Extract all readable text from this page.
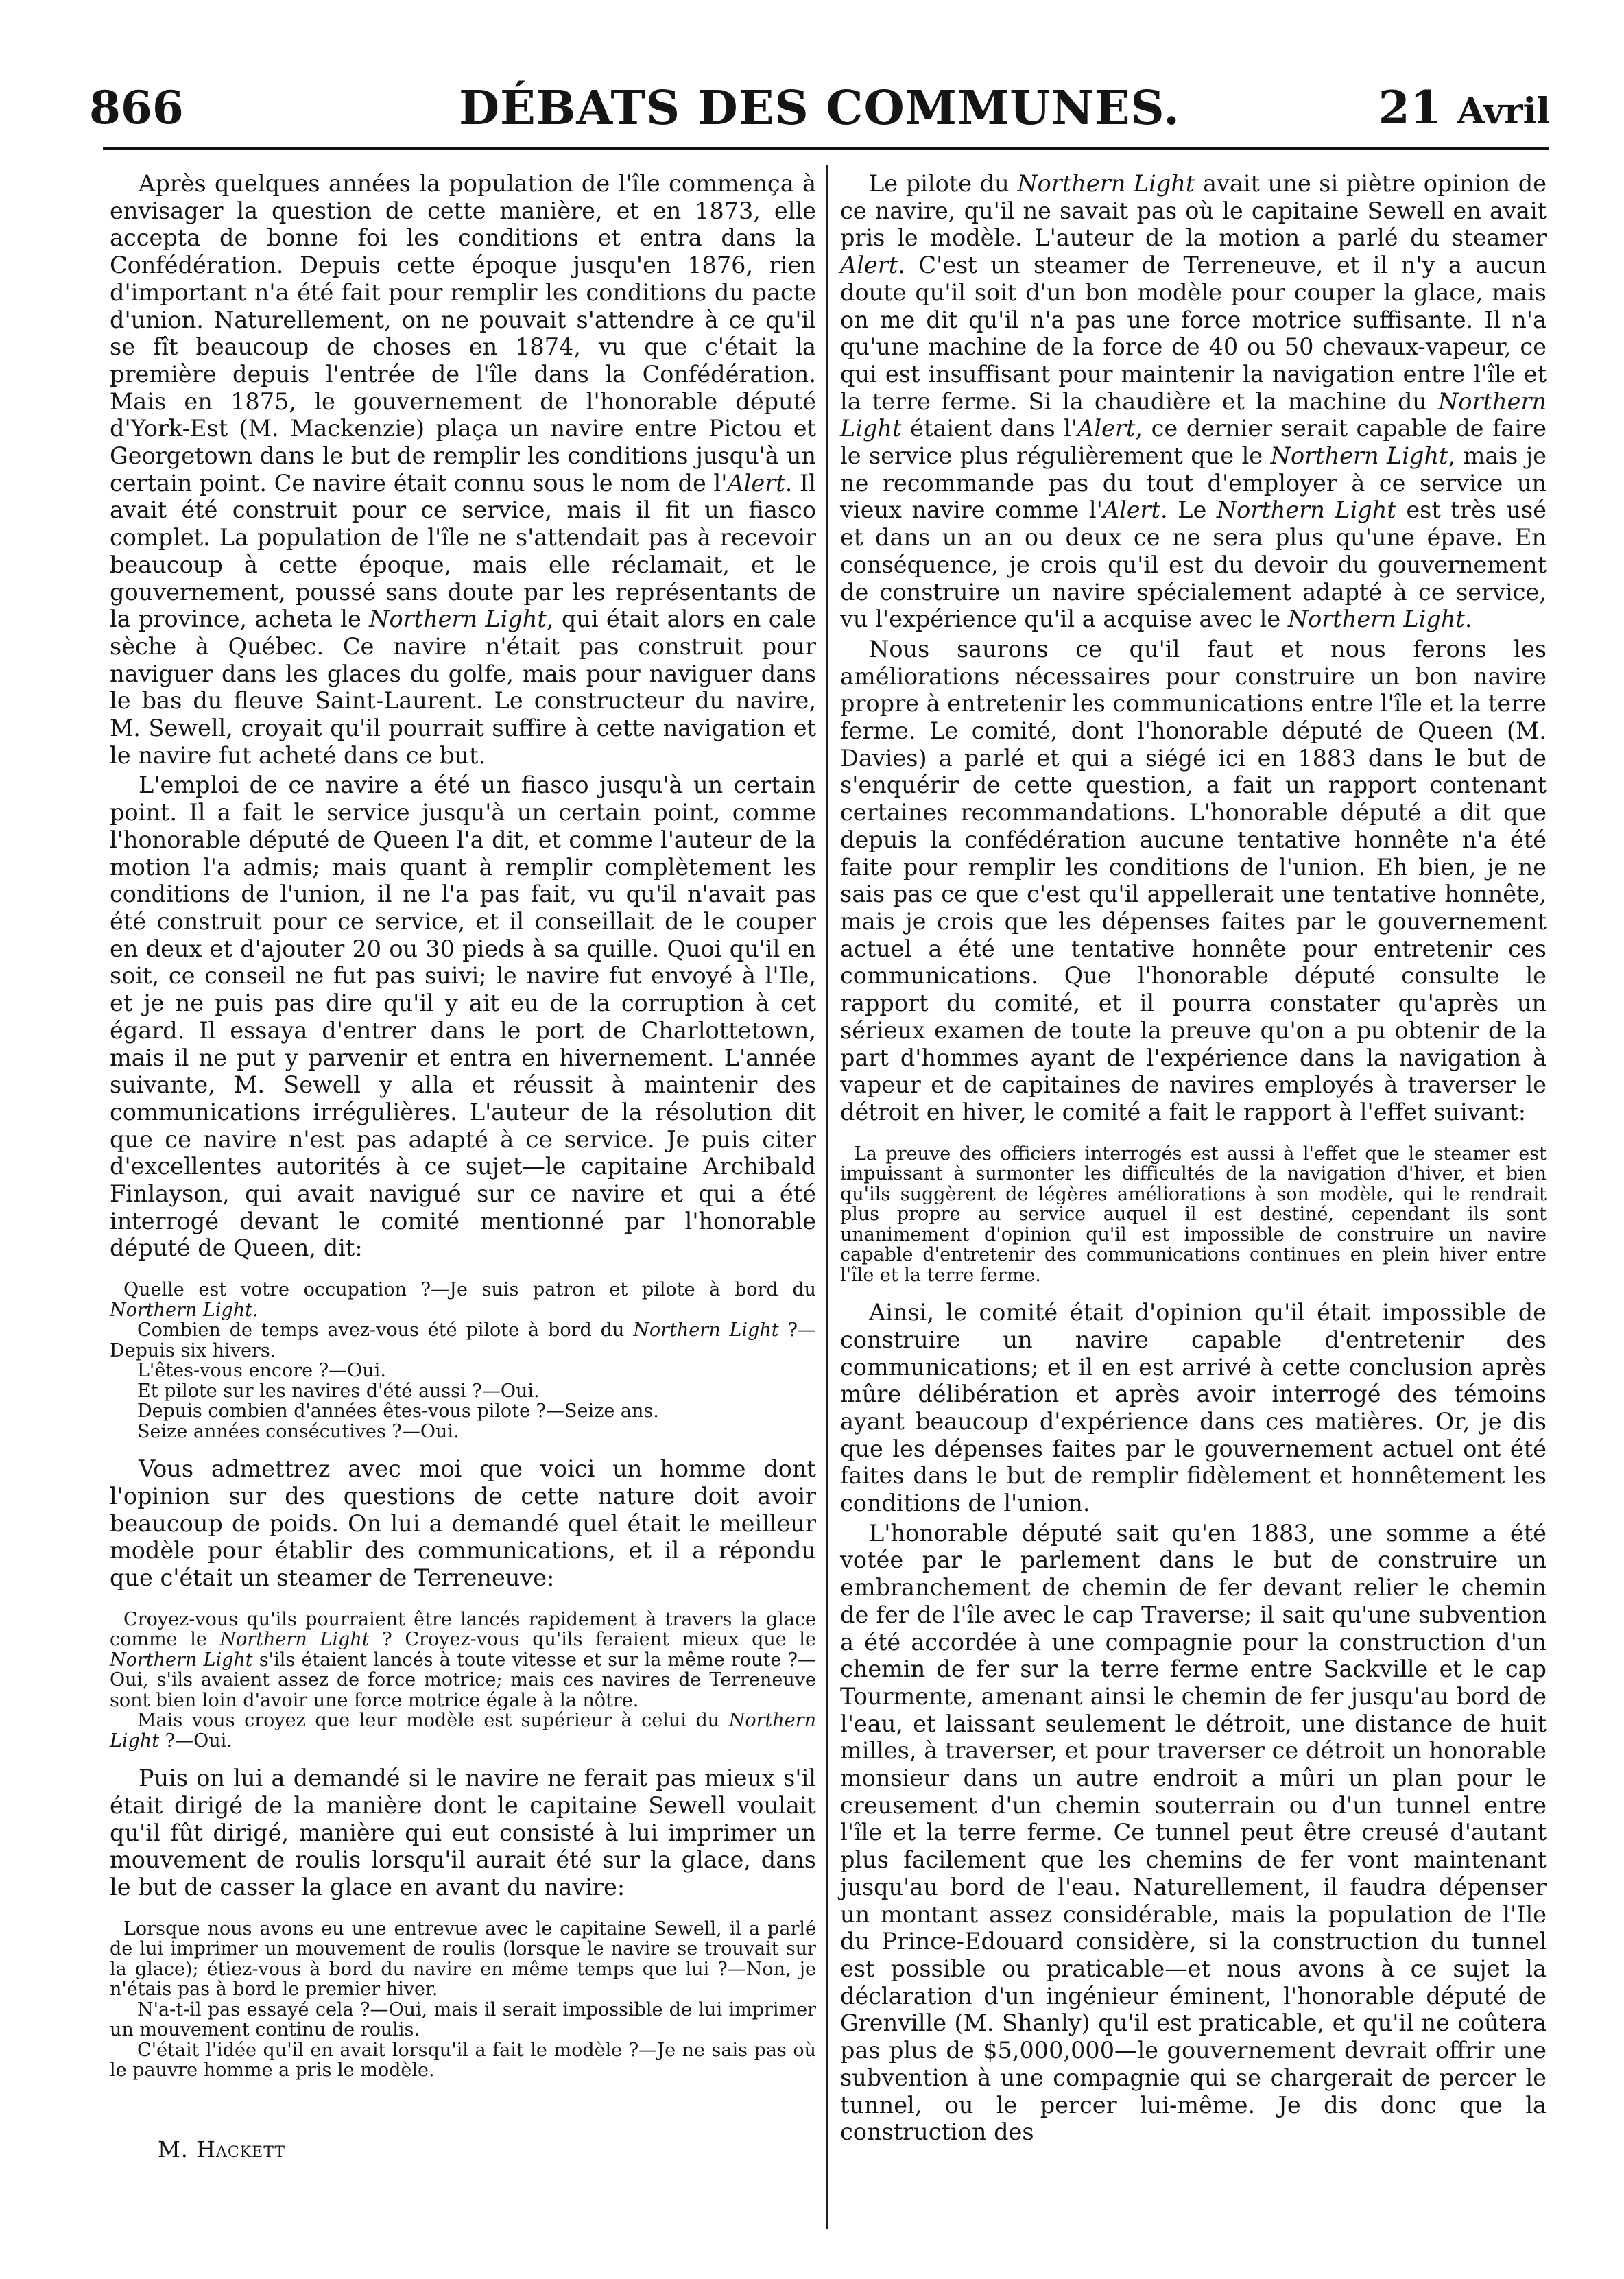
DÉBATS DES COMMUNES.
866	21 Avril

Après quelques années la population de l'île commença à envisager la question de cette manière, et en 1873, elle accepta de bonne foi les conditions et entra dans la Confédération. Depuis cette époque jusqu'en 1876, rien d'important n'a été fait pour remplir les conditions du pacte d'union. Naturellement, on ne pouvait s'attendre à ce qu'il se fît beaucoup de choses en 1874, vu que c'était la première depuis l'entrée de l'île dans la Confédération. Mais en 1875, le gouvernement de l'honorable député d'York-Est (M. Mackenzie) plaça un navire entre Pictou et Georgetown dans le but de remplir les conditions jusqu'à un certain point. Ce navire était connu sous le nom de l'Alert. Il avait été construit pour ce service, mais il fit un fiasco complet. La population de l'île ne s'attendait pas à recevoir beaucoup à cette époque, mais elle réclamait, et le gouvernement, poussé sans doute par les représentants de la province, acheta le Northern Light, qui était alors en cale sèche à Québec. Ce navire n'était pas construit pour naviguer dans les glaces du golfe, mais pour naviguer dans le bas du fleuve Saint-Laurent. Le constructeur du navire, M. Sewell, croyait qu'il pourrait suffire à cette navigation et le navire fut acheté dans ce but.

L'emploi de ce navire a été un fiasco jusqu'à un certain point. Il a fait le service jusqu'à un certain point, comme l'honorable député de Queen l'a dit, et comme l'auteur de la motion l'a admis; mais quant à remplir complètement les conditions de l'union, il ne l'a pas fait, vu qu'il n'avait pas été construit pour ce service, et il conseillait de le couper en deux et d'ajouter 20 ou 30 pieds à sa quille. Quoi qu'il en soit, ce conseil ne fut pas suivi; le navire fut envoyé à l'Ile, et je ne puis pas dire qu'il y ait eu de la corruption à cet égard. Il essaya d'entrer dans le port de Charlottetown, mais il ne put y parvenir et entra en hivernement. L'année suivante, M. Sewell y alla et réussit à maintenir des communications irrégulières. L'auteur de la résolution dit que ce navire n'est pas adapté à ce service. Je puis citer d'excellentes autorités à ce sujet—le capitaine Archibald Finlayson, qui avait navigué sur ce navire et qui a été interrogé devant le comité mentionné par l'honorable député de Queen, dit:

Quelle est votre occupation ?—Je suis patron et pilote à bord du Northern Light.

Combien de temps avez-vous été pilote à bord du Northern Light ?—Depuis six hivers.

L'êtes-vous encore ?—Oui.

Et pilote sur les navires d'été aussi ?—Oui.

Depuis combien d'années êtes-vous pilote ?—Seize ans.

Seize années consécutives ?—Oui.

Vous admettrez avec moi que voici un homme dont l'opinion sur des questions de cette nature doit avoir beaucoup de poids. On lui a demandé quel était le meilleur modèle pour établir des communications, et il a répondu que c'était un steamer de Terreneuve:

Croyez-vous qu'ils pourraient être lancés rapidement à travers la glace comme le Northern Light ? Croyez-vous qu'ils feraient mieux que le Northern Light s'ils étaient lancés à toute vitesse et sur la même route ?—Oui, s'ils avaient assez de force motrice; mais ces navires de Terreneuve sont bien loin d'avoir une force motrice égale à la nôtre.

Mais vous croyez que leur modèle est supérieur à celui du Northern Light ?—Oui.

Puis on lui a demandé si le navire ne ferait pas mieux s'il était dirigé de la manière dont le capitaine Sewell voulait qu'il fût dirigé, manière qui eut consisté à lui imprimer un mouvement de roulis lorsqu'il aurait été sur la glace, dans le but de casser la glace en avant du navire:

Lorsque nous avons eu une entrevue avec le capitaine Sewell, il a parlé de lui imprimer un mouvement de roulis (lorsque le navire se trouvait sur la glace); étiez-vous à bord du navire en même temps que lui ?—Non, je n'étais pas à bord le premier hiver.

N'a-t-il pas essayé cela ?—Oui, mais il serait impossible de lui imprimer un mouvement continu de roulis.

C'était l'idée qu'il en avait lorsqu'il a fait le modèle ?—Je ne sais pas où le pauvre homme a pris le modèle.

Le pilote du Northern Light avait une si piètre opinion de ce navire, qu'il ne savait pas où le capitaine Sewell en avait pris le modèle. L'auteur de la motion a parlé du steamer Alert. C'est un steamer de Terreneuve, et il n'y a aucun doute qu'il soit d'un bon modèle pour couper la glace, mais on me dit qu'il n'a pas une force motrice suffisante. Il n'a qu'une machine de la force de 40 ou 50 chevaux-vapeur, ce qui est insuffisant pour maintenir la navigation entre l'île et la terre ferme. Si la chaudière et la machine du Northern Light étaient dans l'Alert, ce dernier serait capable de faire le service plus régulièrement que le Northern Light, mais je ne recommande pas du tout d'employer à ce service un vieux navire comme l'Alert. Le Northern Light est très usé et dans un an ou deux ce ne sera plus qu'une épave. En conséquence, je crois qu'il est du devoir du gouvernement de construire un navire spécialement adapté à ce service, vu l'expérience qu'il a acquise avec le Northern Light.

Nous saurons ce qu'il faut et nous ferons les améliorations nécessaires pour construire un bon navire propre à entretenir les communications entre l'île et la terre ferme. Le comité, dont l'honorable député de Queen (M. Davies) a parlé et qui a siégé ici en 1883 dans le but de s'enquérir de cette question, a fait un rapport contenant certaines recommandations. L'honorable député a dit que depuis la confédération aucune tentative honnête n'a été faite pour remplir les conditions de l'union. Eh bien, je ne sais pas ce que c'est qu'il appellerait une tentative honnête, mais je crois que les dépenses faites par le gouvernement actuel a été une tentative honnête pour entretenir ces communications. Que l'honorable député consulte le rapport du comité, et il pourra constater qu'après un sérieux examen de toute la preuve qu'on a pu obtenir de la part d'hommes ayant de l'expérience dans la navigation à vapeur et de capitaines de navires employés à traverser le détroit en hiver, le comité a fait le rapport à l'effet suivant:

La preuve des officiers interrogés est aussi à l'effet que le steamer est impuissant à surmonter les difficultés de la navigation d'hiver, et bien qu'ils suggèrent de légères améliorations à son modèle, qui le rendrait plus propre au service auquel il est destiné, cependant ils sont unanimement d'opinion qu'il est impossible de construire un navire capable d'entretenir des communications continues en plein hiver entre l'île et la terre ferme.

Ainsi, le comité était d'opinion qu'il était impossible de construire un navire capable d'entretenir des communications; et il en est arrivé à cette conclusion après mûre délibération et après avoir interrogé des témoins ayant beaucoup d'expérience dans ces matières. Or, je dis que les dépenses faites par le gouvernement actuel ont été faites dans le but de remplir fidèlement et honnêtement les conditions de l'union.

L'honorable député sait qu'en 1883, une somme a été votée par le parlement dans le but de construire un embranchement de chemin de fer devant relier le chemin de fer de l'île avec le cap Traverse; il sait qu'une subvention a été accordée à une compagnie pour la construction d'un chemin de fer sur la terre ferme entre Sackville et le cap Tourmente, amenant ainsi le chemin de fer jusqu'au bord de l'eau, et laissant seulement le détroit, une distance de huit milles, à traverser, et pour traverser ce détroit un honorable monsieur dans un autre endroit a mûri un plan pour le creusement d'un chemin souterrain ou d'un tunnel entre l'île et la terre ferme. Ce tunnel peut être creusé d'autant plus facilement que les chemins de fer vont maintenant jusqu'au bord de l'eau. Naturellement, il faudra dépenser un montant assez considérable, mais la population de l'Ile du Prince-Edouard considère, si la construction du tunnel est possible ou praticable—et nous avons à ce sujet la déclaration d'un ingénieur éminent, l'honorable député de Grenville (M. Shanly) qu'il est praticable, et qu'il ne coûtera pas plus de $5,000,000—le gouvernement devrait offrir une subvention à une compagnie qui se chargerait de percer le tunnel, ou le percer lui-même. Je dis donc que la construction des

M. Hackett
